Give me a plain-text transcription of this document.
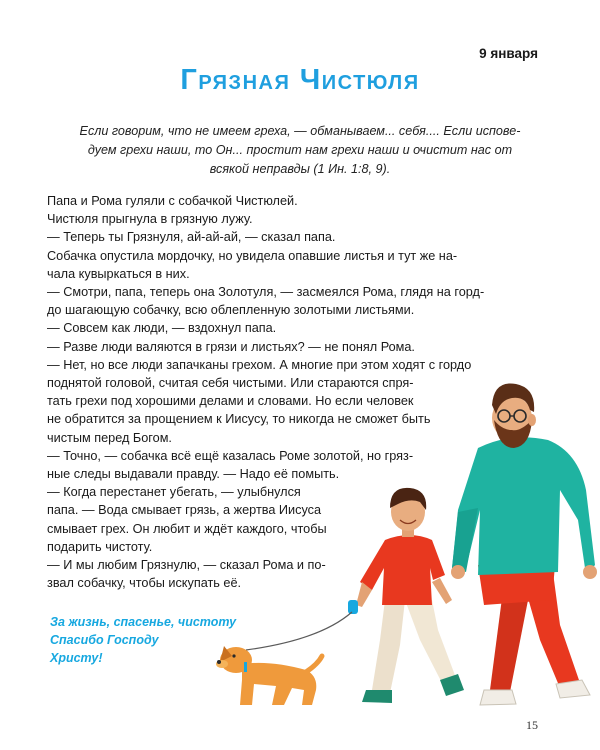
9 января
Грязная Чистюля
Если говорим, что не имеем греха, — обманываем... себя.... Если испове-
дуем грехи наши, то Он... простит нам грехи наши и очистит нас от
всякой неправды (1 Ин. 1:8, 9).
Папа и Рома гуляли с собачкой Чистюлей.
Чистюля прыгнула в грязную лужу.
— Теперь ты Грязнуля, ай-ай-ай, — сказал папа.
Собачка опустила мордочку, но увидела опавшие листья и тут же на-
чала кувыркаться в них.
— Смотри, папа, теперь она Золотуля, — засмеялся Рома, глядя на горд-
до шагающую собачку, всю облепленную золотыми листьями.
— Совсем как люди, — вздохнул папа.
— Разве люди валяются в грязи и листьях? — не понял Рома.
— Нет, но все люди запачканы грехом. А многие при этом ходят с гордо
поднятой головой, считая себя чистыми. Или стараются спря-
тать грехи под хорошими делами и словами. Но если человек
не обратится за прощением к Иисусу, то никогда не сможет быть
чистым перед Богом.
— Точно, — собачка всё ещё казалась Роме золотой, но гряз-
ные следы выдавали правду. — Надо её помыть.
— Когда перестанет убегать, — улыбнулся
папа. — Вода смывает грязь, а жертва Иисуса
смывает грех. Он любит и ждёт каждого, чтобы
подарить чистоту.
— И мы любим Грязнулю, — сказал Рома и по-
звал собачку, чтобы искупать её.
За жизнь, спасенье, чистоту
Спасибо Господу
Христу!
15
